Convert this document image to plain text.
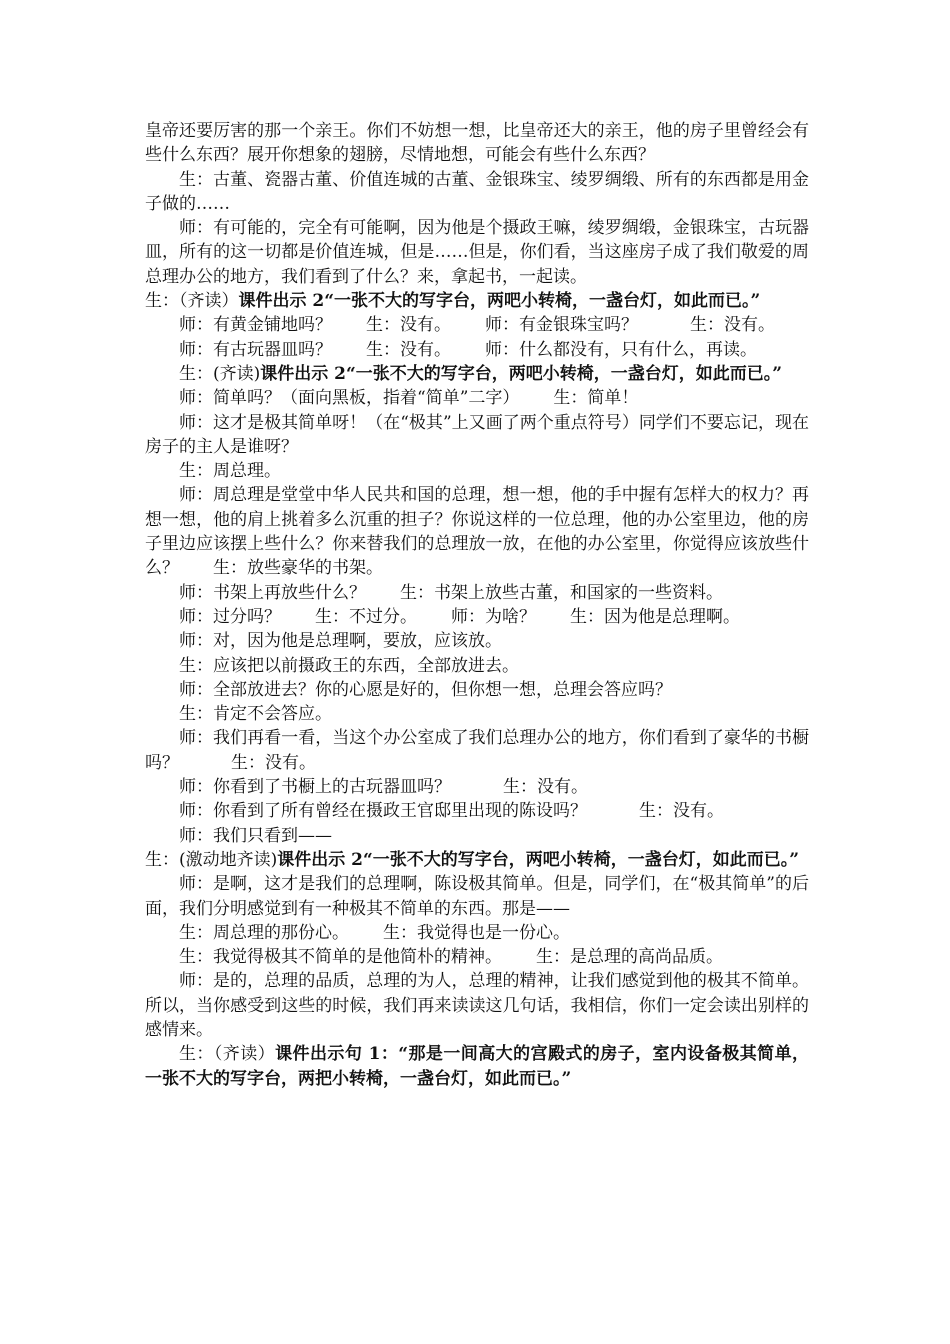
皇帝还要厉害的那一个亲王。你们不妨想一想，比皇帝还大的亲王，他的房子里曾经会有些什么东西？展开你想象的翅膀，尽情地想，可能会有些什么东西？

生：古董、瓷器古董、价值连城的古董、金银珠宝、绫罗绸缎、所有的东西都是用金子做的……

师：有可能的，完全有可能啊，因为他是个摄政王嘛，绫罗绸缎，金银珠宝，古玩器皿，所有的这一切都是价值连城，但是……但是，你们看，当这座房子成了我们敬爱的周总理办公的地方，我们看到了什么？来，拿起书，一起读。

生：（齐读）课件出示 2“一张不大的写字台，两吧小转椅，一盏台灯，如此而已。”

师：有黄金铺地吗？ 生：没有。 师：有金银珠宝吗？	生：没有。

师：有古玩器皿吗？ 生：没有。 师：什么都没有，只有什么，再读。

生：(齐读)课件出示 2“一张不大的写字台，两吧小转椅，一盏台灯，如此而已。”

师：简单吗？（面向黑板，指着“简单”二字） 生：简单！

师：这才是极其简单呀！（在“极其”上又画了两个重点符号）同学们不要忘记，现在房子的主人是谁呀？

生：周总理。

师：周总理是堂堂中华人民共和国的总理，想一想，他的手中握有怎样大的权力？再想一想，他的肩上挑着多么沉重的担子？你说这样的一位总理，他的办公室里边，他的房子里边应该摆上些什么？你来替我们的总理放一放，在他的办公室里，你觉得应该放些什么？ 生：放些豪华的书架。

师：书架上再放些什么？ 生：书架上放些古董，和国家的一些资料。

师：过分吗？ 生：不过分。 师：为啥？ 生：因为他是总理啊。

师：对，因为他是总理啊，要放，应该放。

生：应该把以前摄政王的东西，全部放进去。

师：全部放进去？你的心愿是好的，但你想一想，总理会答应吗？

生：肯定不会答应。

师：我们再看一看，当这个办公室成了我们总理办公的地方，你们看到了豪华的书橱吗？	生：没有。

师：你看到了书橱上的古玩器皿吗？	生：没有。

师：你看到了所有曾经在摄政王官邸里出现的陈设吗？	生：没有。

师：我们只看到——

生：(激动地齐读)课件出示 2“一张不大的写字台，两吧小转椅，一盏台灯，如此而已。”

师：是啊，这才是我们的总理啊，陈设极其简单。但是，同学们，在“极其简单”的后面，我们分明感觉到有一种极其不简单的东西。那是——

生：周总理的那份心。 生：我觉得也是一份心。

生：我觉得极其不简单的是他简朴的精神。 生：是总理的高尚品质。

师：是的，总理的品质，总理的为人，总理的精神，让我们感觉到他的极其不简单。所以，当你感受到这些的时候，我们再来读读这几句话，我相信，你们一定会读出别样的感情来。

生：（齐读）课件出示句 1：“那是一间高大的宫殿式的房子，室内设备极其简单，一张不大的写字台，两把小转椅，一盏台灯，如此而已。”
